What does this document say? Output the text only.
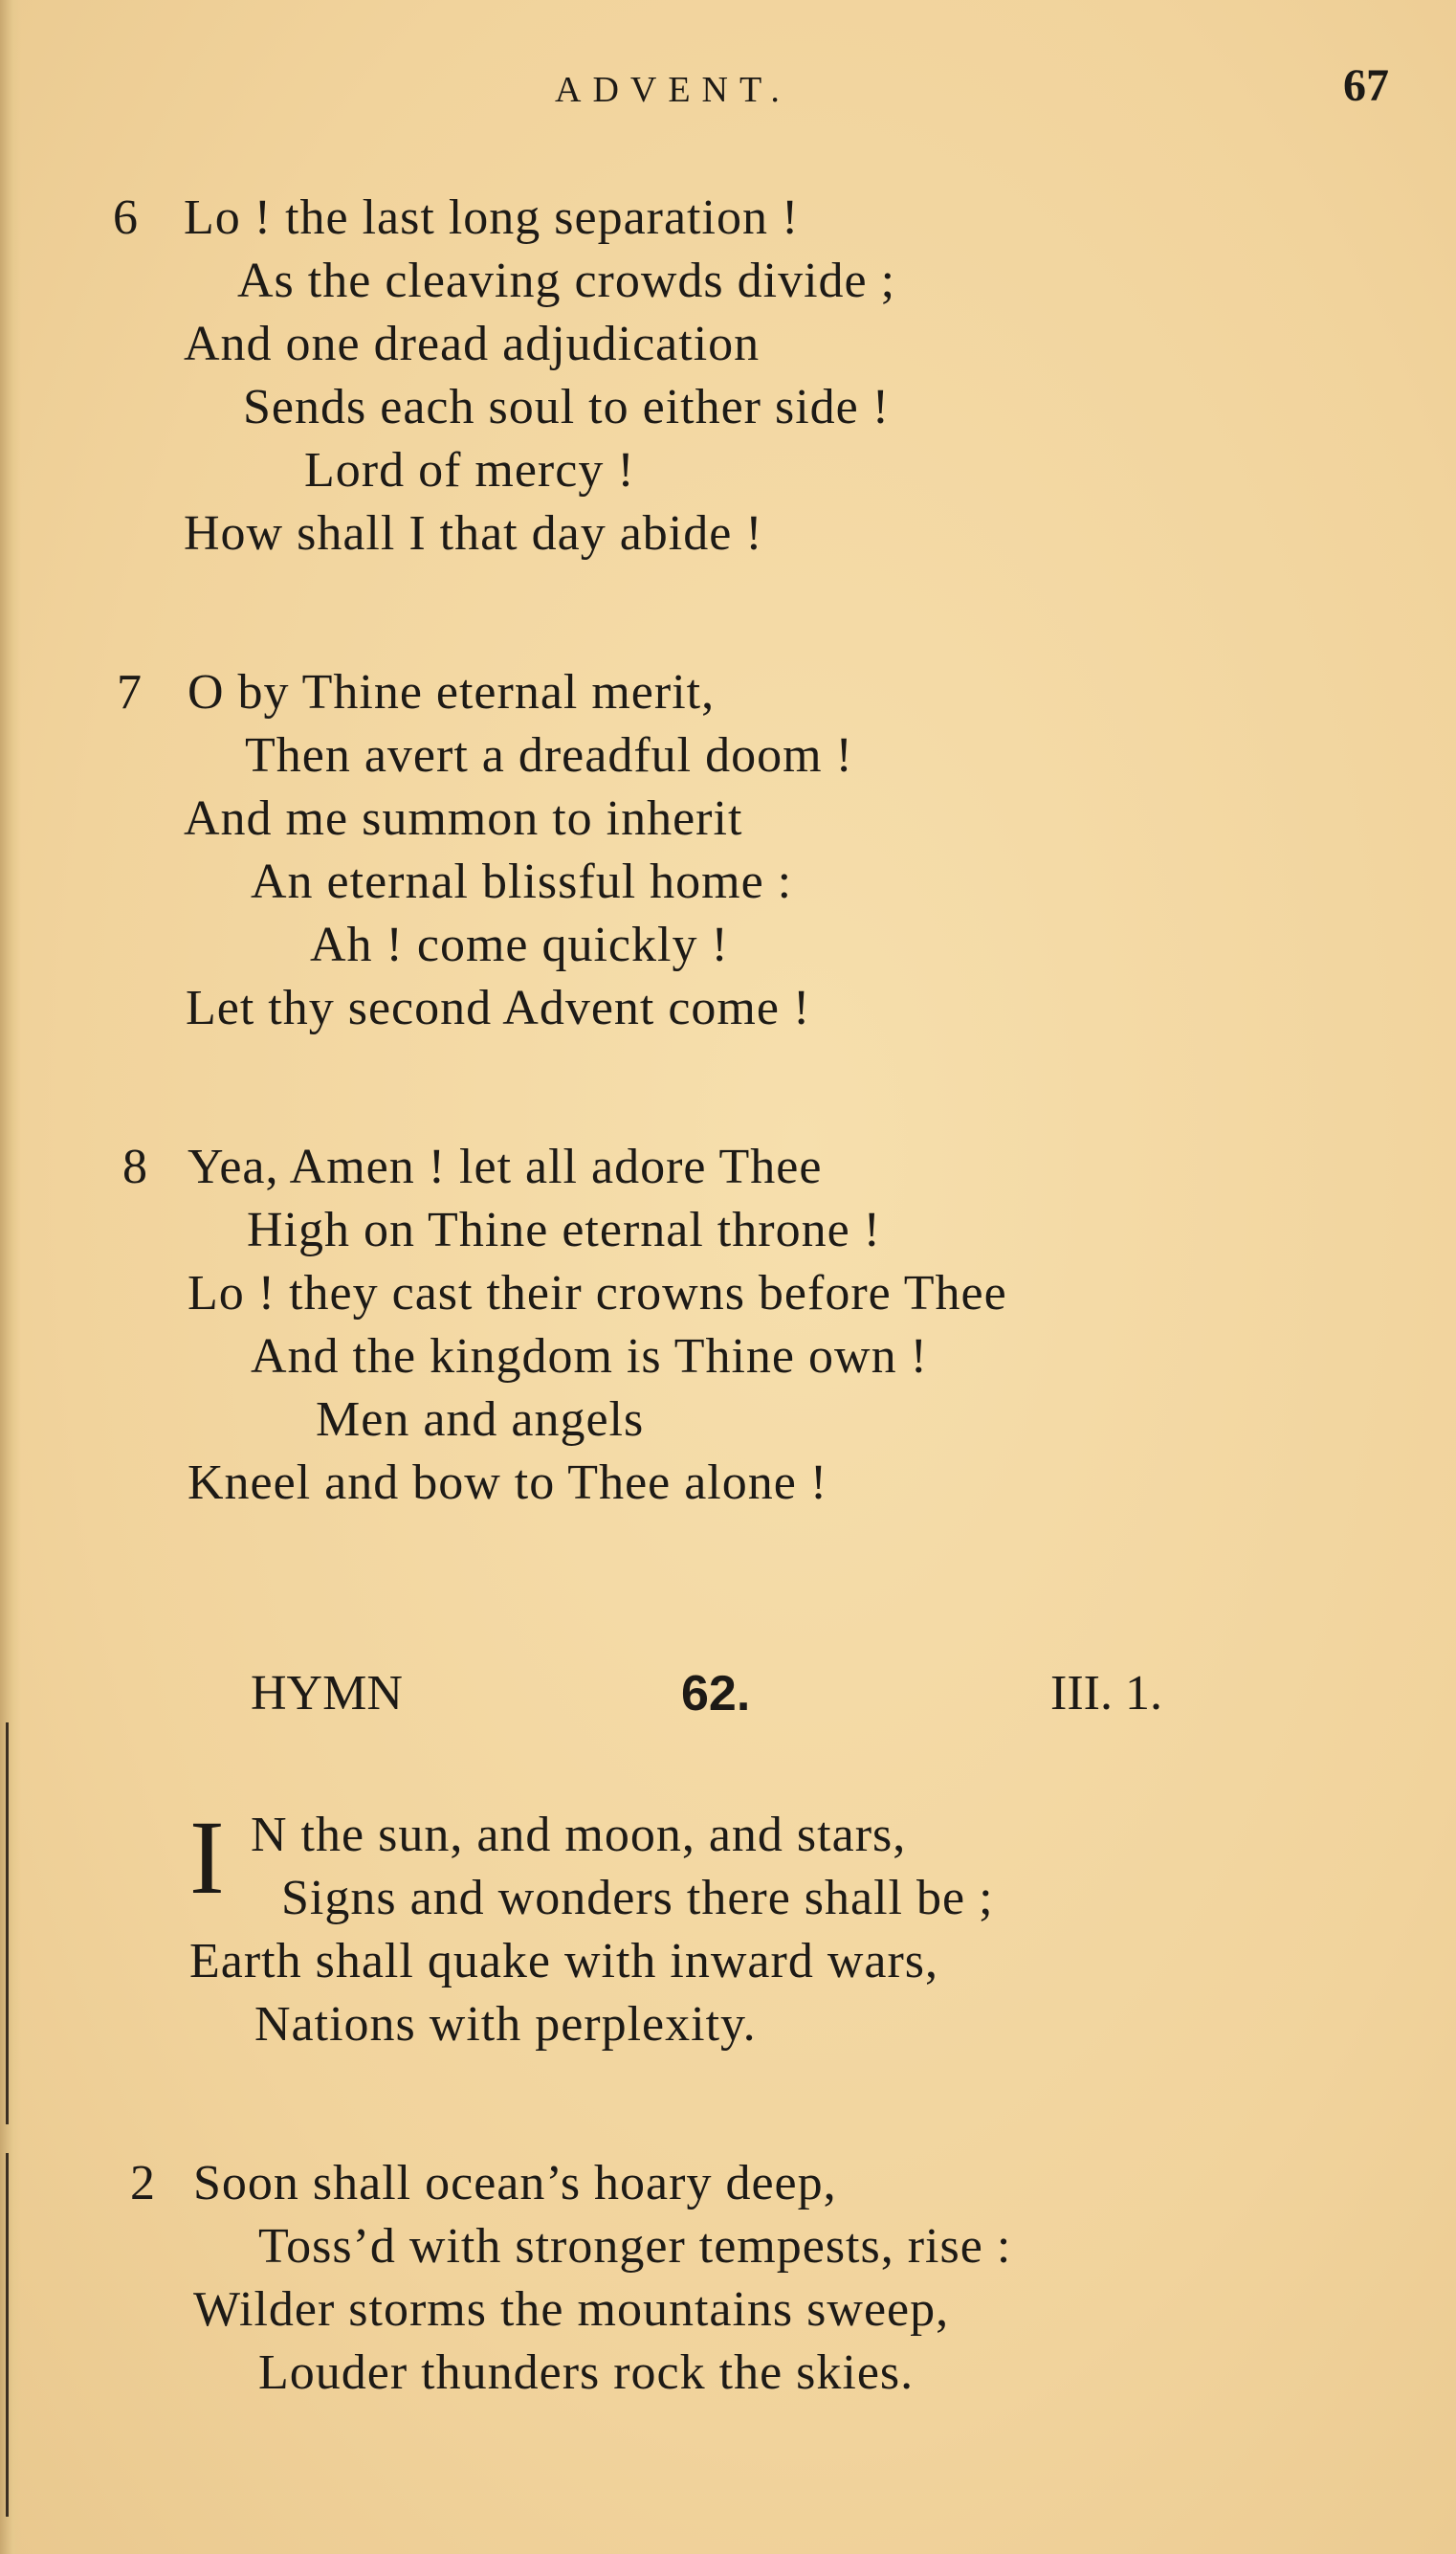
ADVENT.	67
6 Lo ! the last long separation !
As the cleaving crowds divide ;
And one dread adjudication
Sends each soul to either side !
Lord of mercy !
How shall I that day abide !
7 O by Thine eternal merit,
Then avert a dreadful doom !
And me summon to inherit
An eternal blissful home :
Ah ! come quickly !
Let thy second Advent come !
8 Yea, Amen ! let all adore Thee
High on Thine eternal throne !
Lo ! they cast their crowns before Thee
And the kingdom is Thine own !
Men and angels
Kneel and bow to Thee alone !
HYMN	62.	III. 1.
I N the sun, and moon, and stars,
Signs and wonders there shall be ;
Earth shall quake with inward wars,
Nations with perplexity.
2 Soon shall ocean’s hoary deep,
Toss’d with stronger tempests, rise :
Wilder storms the mountains sweep,
Louder thunders rock the skies.
